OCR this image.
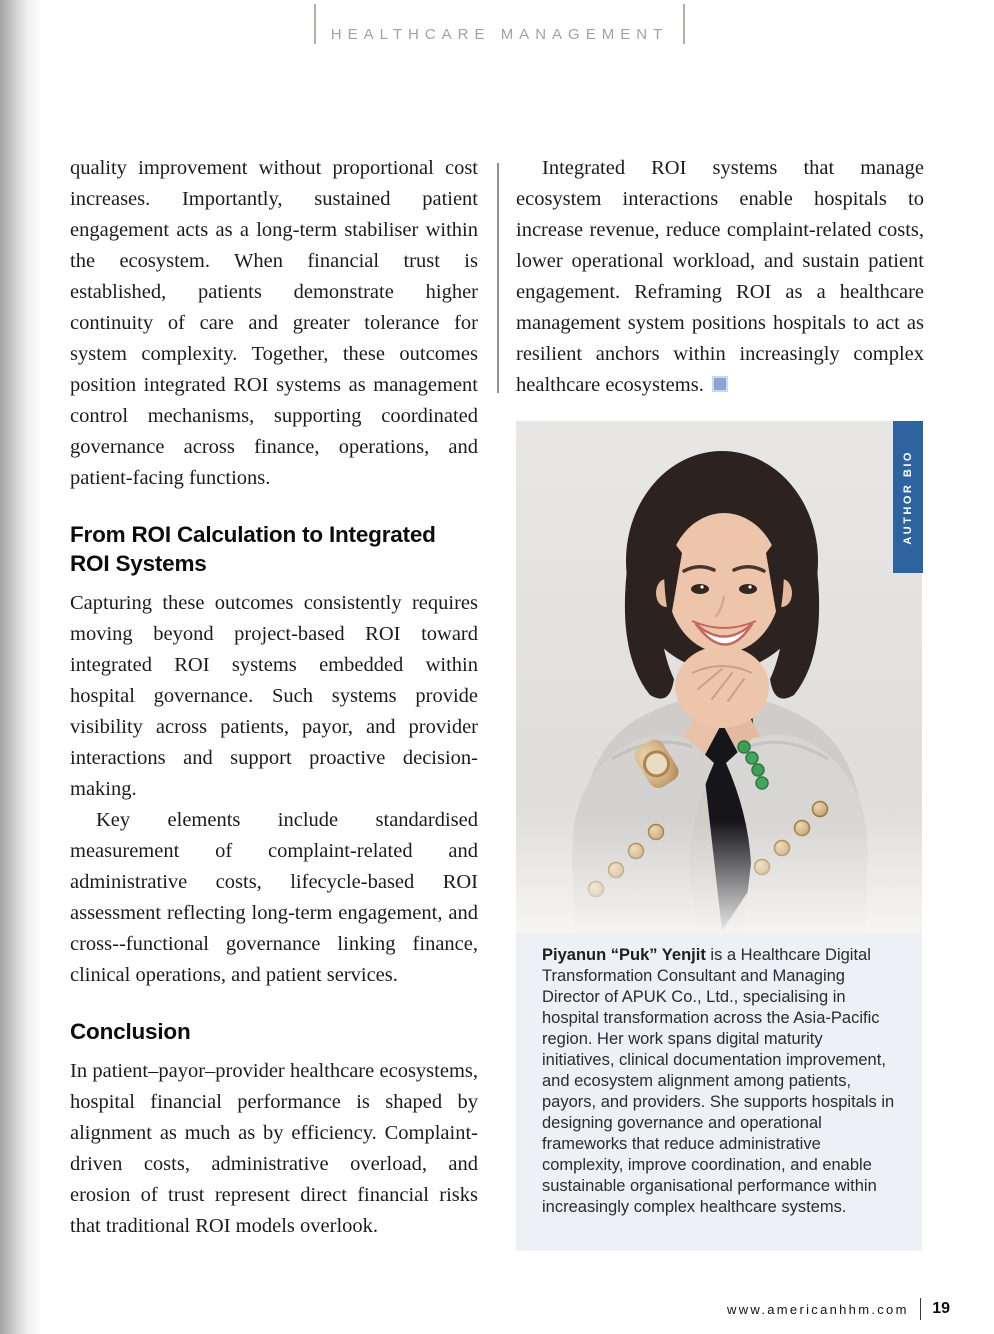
HEALTHCARE MANAGEMENT

quality improvement without proportional cost increases. Importantly, sustained patient engagement acts as a long-term stabiliser within the ecosystem. When financial trust is established, patients demonstrate higher continuity of care and greater tolerance for system complexity. Together, these outcomes position integrated ROI systems as management control mechanisms, supporting coordinated governance across finance, operations, and patient-facing functions.

From ROI Calculation to Integrated ROI Systems

Capturing these outcomes consistently requires moving beyond project-based ROI toward integrated ROI systems embedded within hospital governance. Such systems provide visibility across patients, payor, and provider interactions and support proactive decision-making.

Key elements include standardised measurement of complaint-related and administrative costs, lifecycle-based ROI assessment reflecting long-term engagement, and cross--functional governance linking finance, clinical operations, and patient services.

Conclusion

In patient–payor–provider healthcare ecosystems, hospital financial performance is shaped by alignment as much as by efficiency. Complaint-driven costs, administrative overload, and erosion of trust represent direct financial risks that traditional ROI models overlook.

Integrated ROI systems that manage ecosystem interactions enable hospitals to increase revenue, reduce complaint-related costs, lower operational workload, and sustain patient engagement. Reframing ROI as a healthcare management system positions hospitals to act as resilient anchors within increasingly complex healthcare ecosystems.

Piyanun “Puk” Yenjit is a Healthcare Digital Transformation Consultant and Managing Director of APUK Co., Ltd., specialising in hospital transformation across the Asia-Pacific region. Her work spans digital maturity initiatives, clinical documentation improvement, and ecosystem alignment among patients, payors, and providers. She supports hospitals in designing governance and operational frameworks that reduce administrative complexity, improve coordination, and enable sustainable organisational performance within increasingly complex healthcare systems.

AUTHOR BIO
www.americanhhm.com 19
